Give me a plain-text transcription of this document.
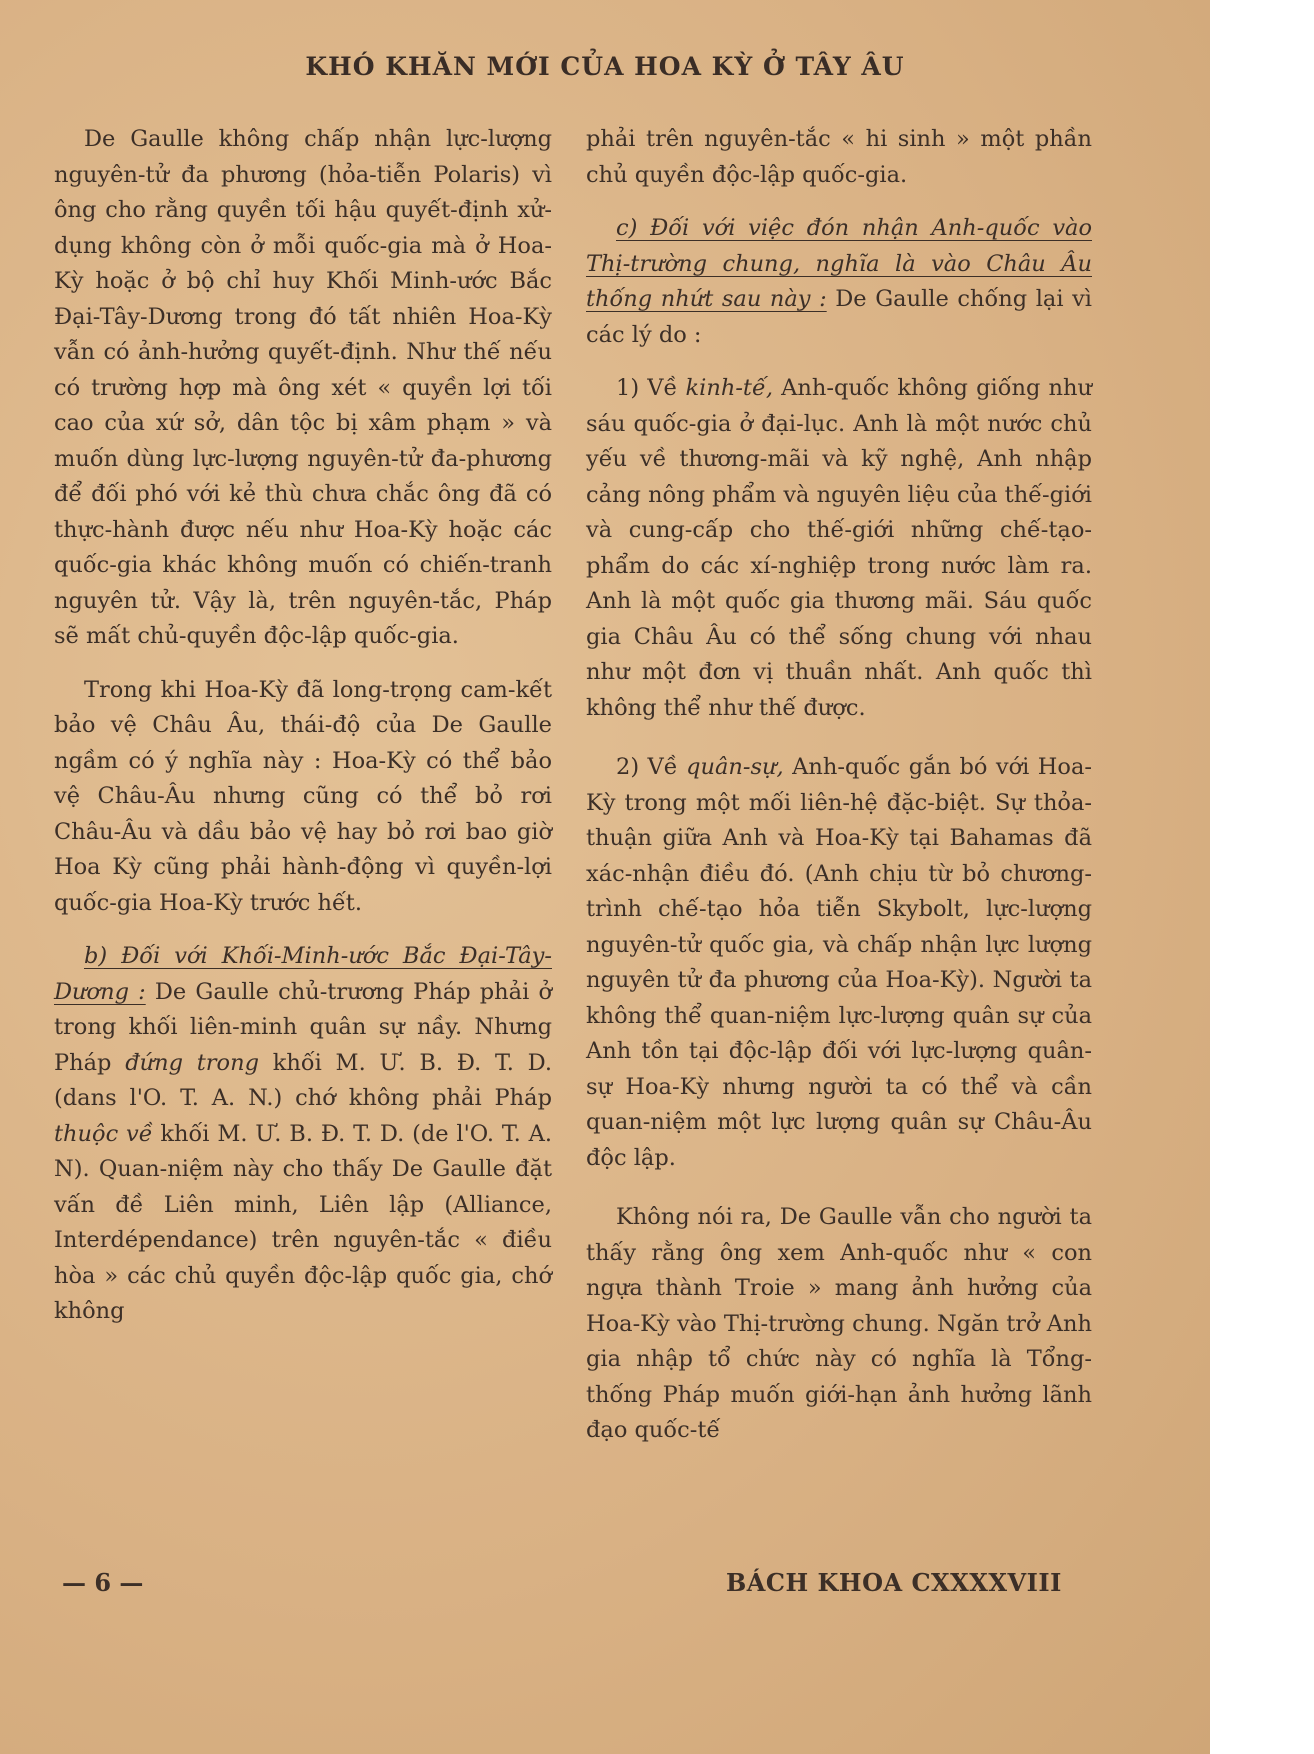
KHÓ KHĂN MỚI CỦA HOA KỲ Ở TÂY ÂU

De Gaulle không chấp nhận lực-lượng nguyên-tử đa phương (hỏa-tiễn Polaris) vì ông cho rằng quyền tối hậu quyết-định xử-dụng không còn ở mỗi quốc-gia mà ở Hoa-Kỳ hoặc ở bộ chỉ huy Khối Minh-ước Bắc Đại-Tây-Dương trong đó tất nhiên Hoa-Kỳ vẫn có ảnh-hưởng quyết-định. Như thế nếu có trường hợp mà ông xét « quyền lợi tối cao của xứ sở, dân tộc bị xâm phạm » và muốn dùng lực-lượng nguyên-tử đa-phương để đối phó với kẻ thù chưa chắc ông đã có thực-hành được nếu như Hoa-Kỳ hoặc các quốc-gia khác không muốn có chiến-tranh nguyên tử. Vậy là, trên nguyên-tắc, Pháp sẽ mất chủ-quyền độc-lập quốc-gia.

Trong khi Hoa-Kỳ đã long-trọng cam-kết bảo vệ Châu Âu, thái-độ của De Gaulle ngầm có ý nghĩa này : Hoa-Kỳ có thể bảo vệ Châu-Âu nhưng cũng có thể bỏ rơi Châu-Âu và dầu bảo vệ hay bỏ rơi bao giờ Hoa Kỳ cũng phải hành-động vì quyền-lợi quốc-gia Hoa-Kỳ trước hết.

b) Đối với Khối-Minh-ước Bắc Đại-Tây-Dương : De Gaulle chủ-trương Pháp phải ở trong khối liên-minh quân sự nầy. Nhưng Pháp đứng trong khối M. Ư. B. Đ. T. D. (dans l'O. T. A. N.) chớ không phải Pháp thuộc về khối M. Ư. B. Đ. T. D. (de l'O. T. A. N). Quan-niệm này cho thấy De Gaulle đặt vấn đề Liên minh, Liên lập (Alliance, Interdépendance) trên nguyên-tắc « điều hòa » các chủ quyền độc-lập quốc gia, chớ không

phải trên nguyên-tắc « hi sinh » một phần chủ quyền độc-lập quốc-gia.

c) Đối với việc đón nhận Anh-quốc vào Thị-trường chung, nghĩa là vào Châu Âu thống nhứt sau này : De Gaulle chống lại vì các lý do :

1) Về kinh-tế, Anh-quốc không giống như sáu quốc-gia ở đại-lục. Anh là một nước chủ yếu về thương-mãi và kỹ nghệ, Anh nhập cảng nông phẩm và nguyên liệu của thế-giới và cung-cấp cho thế-giới những chế-tạo-phẩm do các xí-nghiệp trong nước làm ra. Anh là một quốc gia thương mãi. Sáu quốc gia Châu Âu có thể sống chung với nhau như một đơn vị thuần nhất. Anh quốc thì không thể như thế được.

2) Về quân-sự, Anh-quốc gắn bó với Hoa-Kỳ trong một mối liên-hệ đặc-biệt. Sự thỏa-thuận giữa Anh và Hoa-Kỳ tại Bahamas đã xác-nhận điều đó. (Anh chịu từ bỏ chương-trình chế-tạo hỏa tiễn Skybolt, lực-lượng nguyên-tử quốc gia, và chấp nhận lực lượng nguyên tử đa phương của Hoa-Kỳ). Người ta không thể quan-niệm lực-lượng quân sự của Anh tồn tại độc-lập đối với lực-lượng quân-sự Hoa-Kỳ nhưng người ta có thể và cần quan-niệm một lực lượng quân sự Châu-Âu độc lập.

Không nói ra, De Gaulle vẫn cho người ta thấy rằng ông xem Anh-quốc như « con ngựa thành Troie » mang ảnh hưởng của Hoa-Kỳ vào Thị-trường chung. Ngăn trở Anh gia nhập tổ chức này có nghĩa là Tổng-thống Pháp muốn giới-hạn ảnh hưởng lãnh đạo quốc-tế

— 6 —	BÁCH KHOA CXXXXVIII
